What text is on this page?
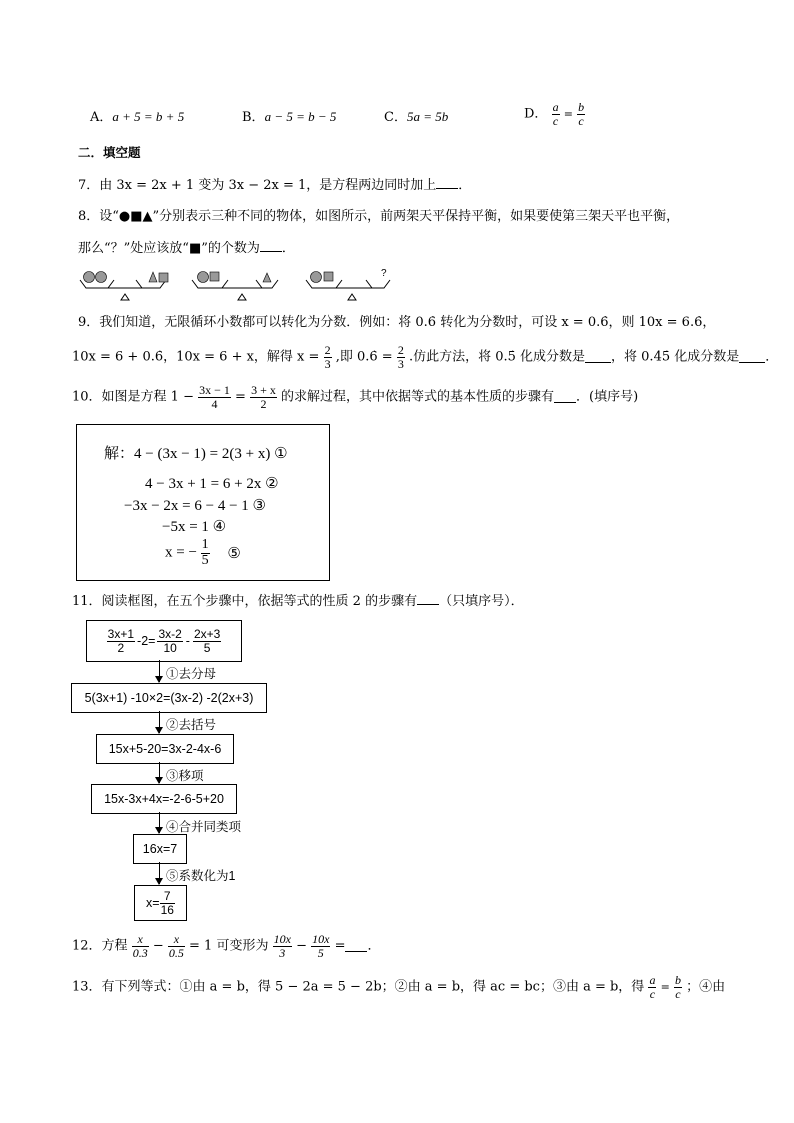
A．a + 5 = b + 5	B．a − 5 = b − 5	C．5a = 5b	D． $\frac{a}{c} = \frac{b}{c}$
二．填空题
7．由 3x = 2x + 1 变为 3x − 2x = 1，是方程两边同时加上 ．
8．设“●■▲”分别表示三种不同的物体，如图所示，前两架天平保持平衡，如果要使第三架天平也平衡，
那么“？”处应该放“■”的个数为 ．
?
9．我们知道，无限循环小数都可以转化为分数．例如：将 0.6̇ 转化为分数时，可设 x = 0.6̇，则 10x = 6.6̇，
10x = 6 + 0.6̇，10x = 6 + x，解得 $x = \frac{2}{3}$ ,即 0.6̇ = $\frac{2}{3}$ .仿此方法，将 0.5̇ 化成分数是 ，将 0.4̇5̇ 化成分数是 ．
10．如图是方程 $1 - \frac{3x - 1}{4} = \frac{3 + x}{2}$ 的求解过程，其中依据等式的基本性质的步骤有 ．(填序号)
解：4 − (3x − 1) = 2(3 + x) ①
4 − 3x + 1 = 6 + 2x ②
−3x − 2x = 6 − 4 − 1 ③
−5x = 1 ④
x = − $\frac{1}{5}$ ⑤
11．阅读框图，在五个步骤中，依据等式的性质 2 的步骤有 （只填序号）．
$\frac{3x+1}{2} -2= \frac{3x-2}{10} - \frac{2x+3}{5}$
①去分母
5(3x+1) -10×2=(3x-2) -2(2x+3)
②去括号
15x+5-20=3x-2-4x-6
③移项
15x-3x+4x=-2-6-5+20
④合并同类项
16x=7
⑤系数化为1
$x= \frac{7}{16}$
12．方程 $\frac{x}{0.3} - \frac{x}{0.5} = 1$ 可变形为 $\frac{10x}{3} - \frac{10x}{5}$ = ．
13．有下列等式：①由 a = b，得 5 − 2a = 5 − 2b；②由 a = b，得 ac = bc；③由 a = b，得 $\frac{a}{c} = \frac{b}{c}$ ；④由
